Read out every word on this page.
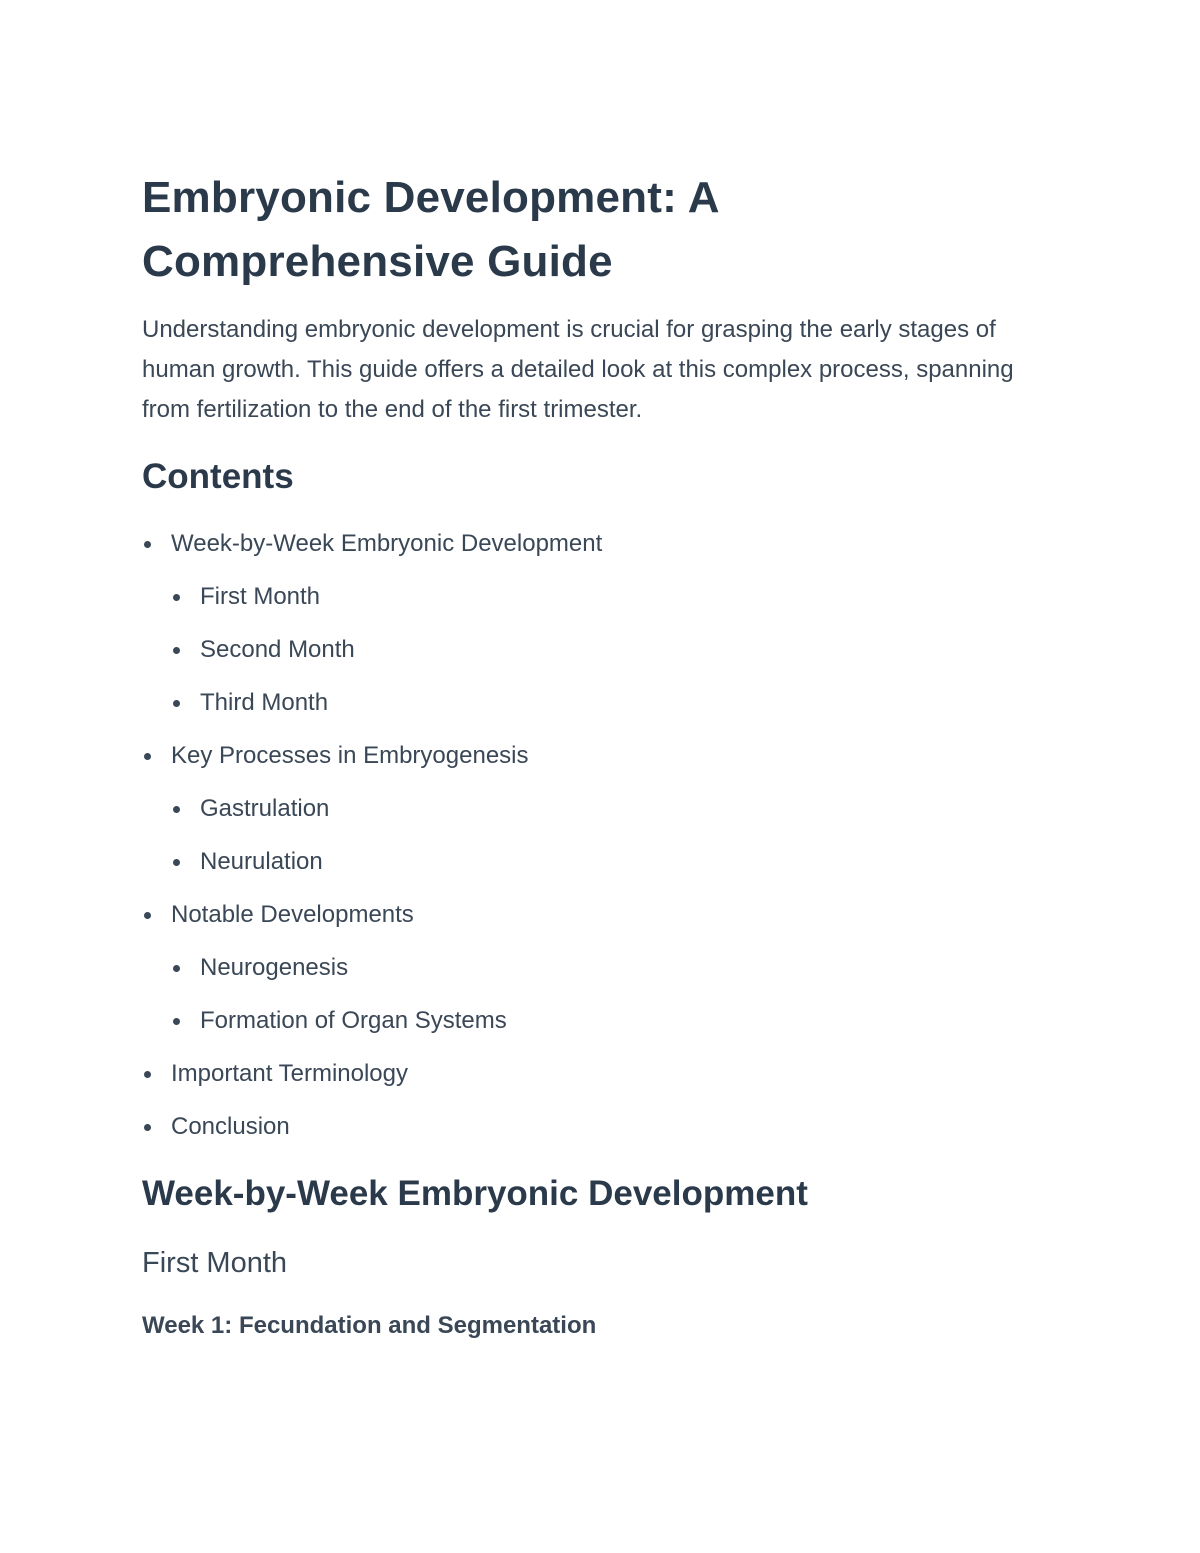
Embryonic Development: A Comprehensive Guide

Understanding embryonic development is crucial for grasping the early stages of human growth. This guide offers a detailed look at this complex process, spanning from fertilization to the end of the first trimester.

Contents
Week-by-Week Embryonic Development
First Month
Second Month
Third Month
Key Processes in Embryogenesis
Gastrulation
Neurulation
Notable Developments
Neurogenesis
Formation of Organ Systems
Important Terminology
Conclusion
Week-by-Week Embryonic Development
First Month
Week 1: Fecundation and Segmentation
